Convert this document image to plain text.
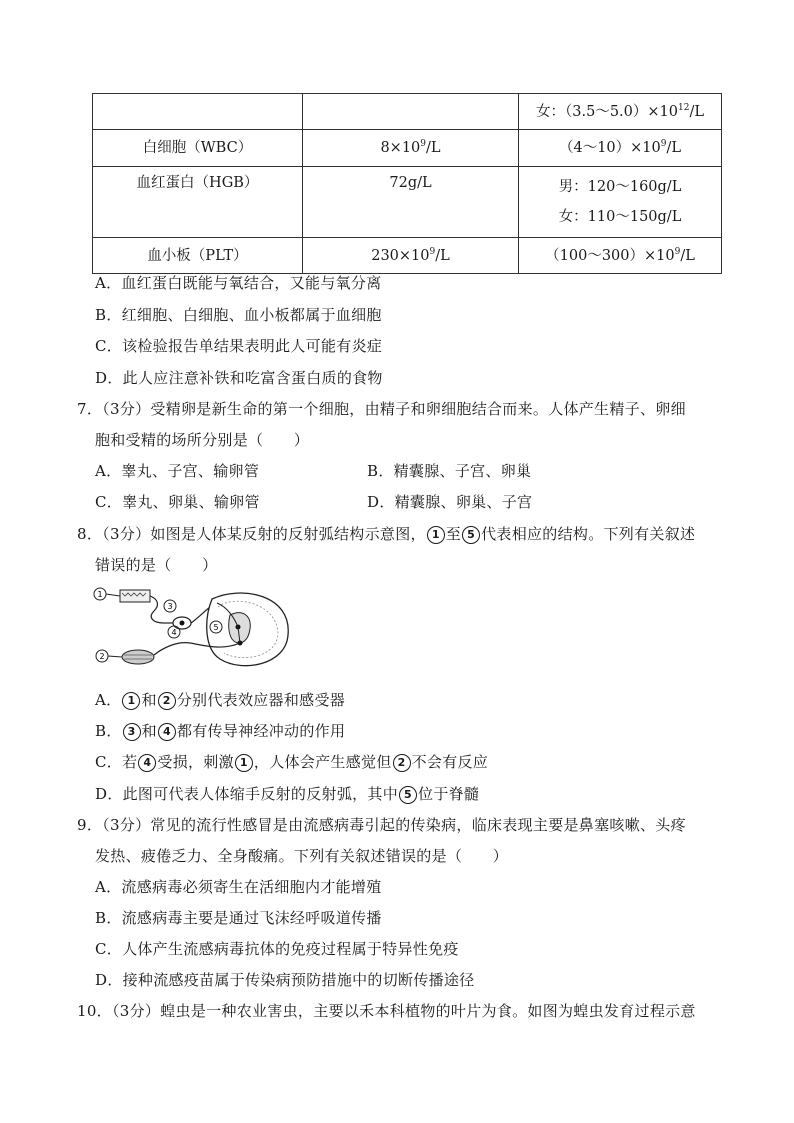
		女：$(3.5\sim 5.0)\times 10^{12}/L$
白细胞（WBC）	$8\times 10^9/L$	$(4\sim 10)\times 10^9/L$
血红蛋白（HGB）	72g/L	男：120～160g/L
女：110～150g/L

血小板（PLT）	$230\times 10^9/L$	$(100\sim 300)\times 10^9/L$
A．血红蛋白既能与氧结合，又能与氧分离
B．红细胞、白细胞、血小板都属于血细胞
C．该检验报告单结果表明此人可能有炎症
D．此人应注意补铁和吃富含蛋白质的食物
7．（3分）受精卵是新生命的第一个细胞，由精子和卵细胞结合而来。人体产生精子、卵细
胞和受精的场所分别是（　　）
A．睾丸、子宫、输卵管	B．精囊腺、子宫、卵巢
C．睾丸、卵巢、输卵管	D．精囊腺、卵巢、子宫
8．（3分）如图是人体某反射的反射弧结构示意图， 1 至 5 代表相应的结构。下列有关叙述
错误的是（　　）
1
3
5
4
2
A． 1 和 2 分别代表效应器和感受器
B． 3 和 4 都有传导神经冲动的作用
C．若 4 受损，刺激 1 ，人体会产生感觉但 2 不会有反应
D．此图可代表人体缩手反射的反射弧，其中 5 位于脊髓
9．（3分）常见的流行性感冒是由流感病毒引起的传染病，临床表现主要是鼻塞咳嗽、头疼
发热、疲倦乏力、全身酸痛。下列有关叙述错误的是（　　）
A．流感病毒必须寄生在活细胞内才能增殖
B．流感病毒主要是通过飞沫经呼吸道传播
C．人体产生流感病毒抗体的免疫过程属于特异性免疫
D．接种流感疫苗属于传染病预防措施中的切断传播途径
10．（3分）蝗虫是一种农业害虫，主要以禾本科植物的叶片为食。如图为蝗虫发育过程示意
